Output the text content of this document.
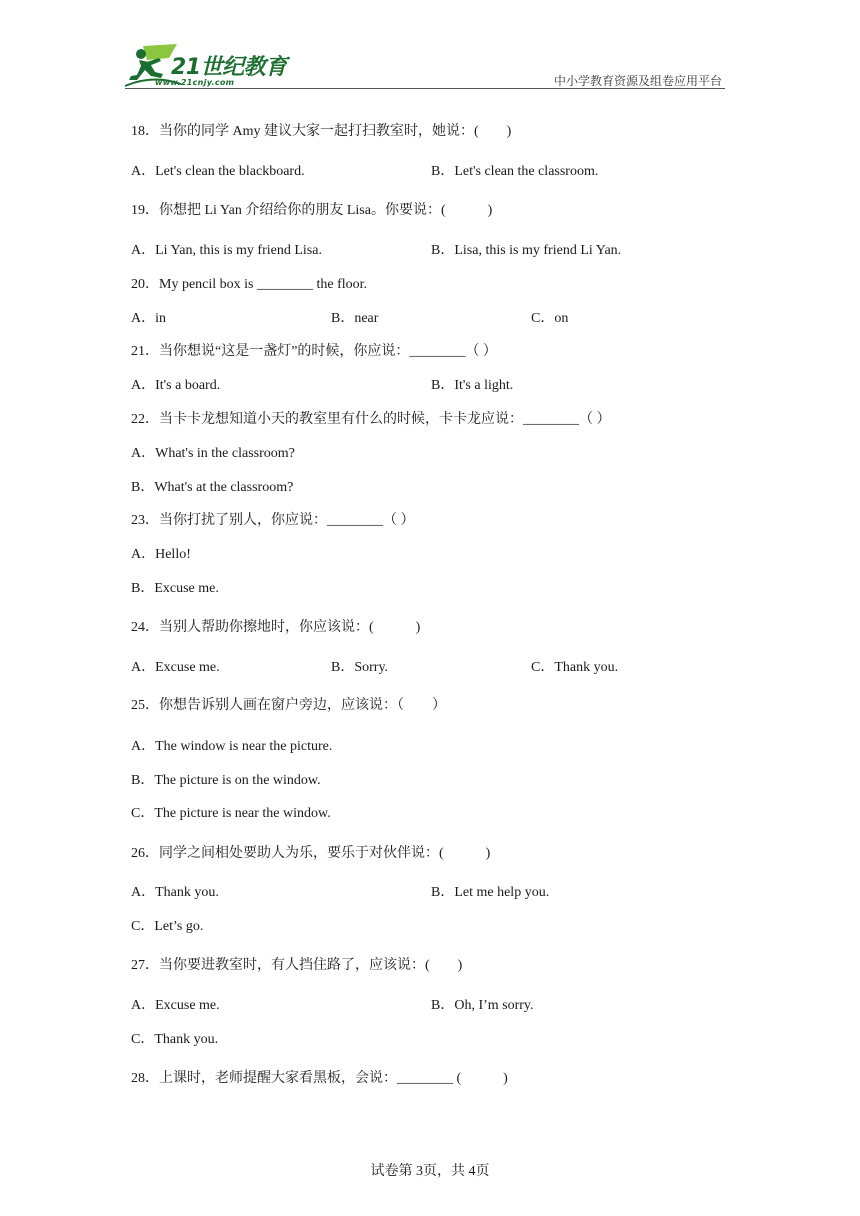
21世纪教育
www.21cnjy.com	中小学教育资源及组卷应用平台
18．当你的同学 Amy 建议大家一起打扫教室时，她说：(　　)
A．Let's clean the blackboard.	B．Let's clean the classroom.
19．你想把 Li Yan 介绍给你的朋友 Lisa。你要说：(　　　)
A．Li Yan, this is my friend Lisa.	B．Lisa, this is my friend Li Yan.
20．My pencil box is ________ the floor.
A．in	B．near	C．on
21．当你想说“这是一盏灯”的时候，你应说：________（ ）
A．It's a board.	B．It's a light.
22．当卡卡龙想知道小天的教室里有什么的时候，卡卡龙应说：________（ ）
A．What's in the classroom?
B．What's at the classroom?
23．当你打扰了别人，你应说：________（ ）
A．Hello!
B．Excuse me.
24．当别人帮助你擦地时，你应该说：(　　　)
A．Excuse me.	B．Sorry.	C．Thank you.
25．你想告诉别人画在窗户旁边，应该说：（　　）
A．The window is near the picture.
B．The picture is on the window.
C．The picture is near the window.
26．同学之间相处要助人为乐，要乐于对伙伴说：(　　　)
A．Thank you.	B．Let me help you.
C．Let’s go.
27．当你要进教室时，有人挡住路了，应该说：(　　)
A．Excuse me.	B．Oh, I’m sorry.
C．Thank you.
28．上课时，老师提醒大家看黑板，会说：________ (　　　)
试卷第 3页，共 4页
